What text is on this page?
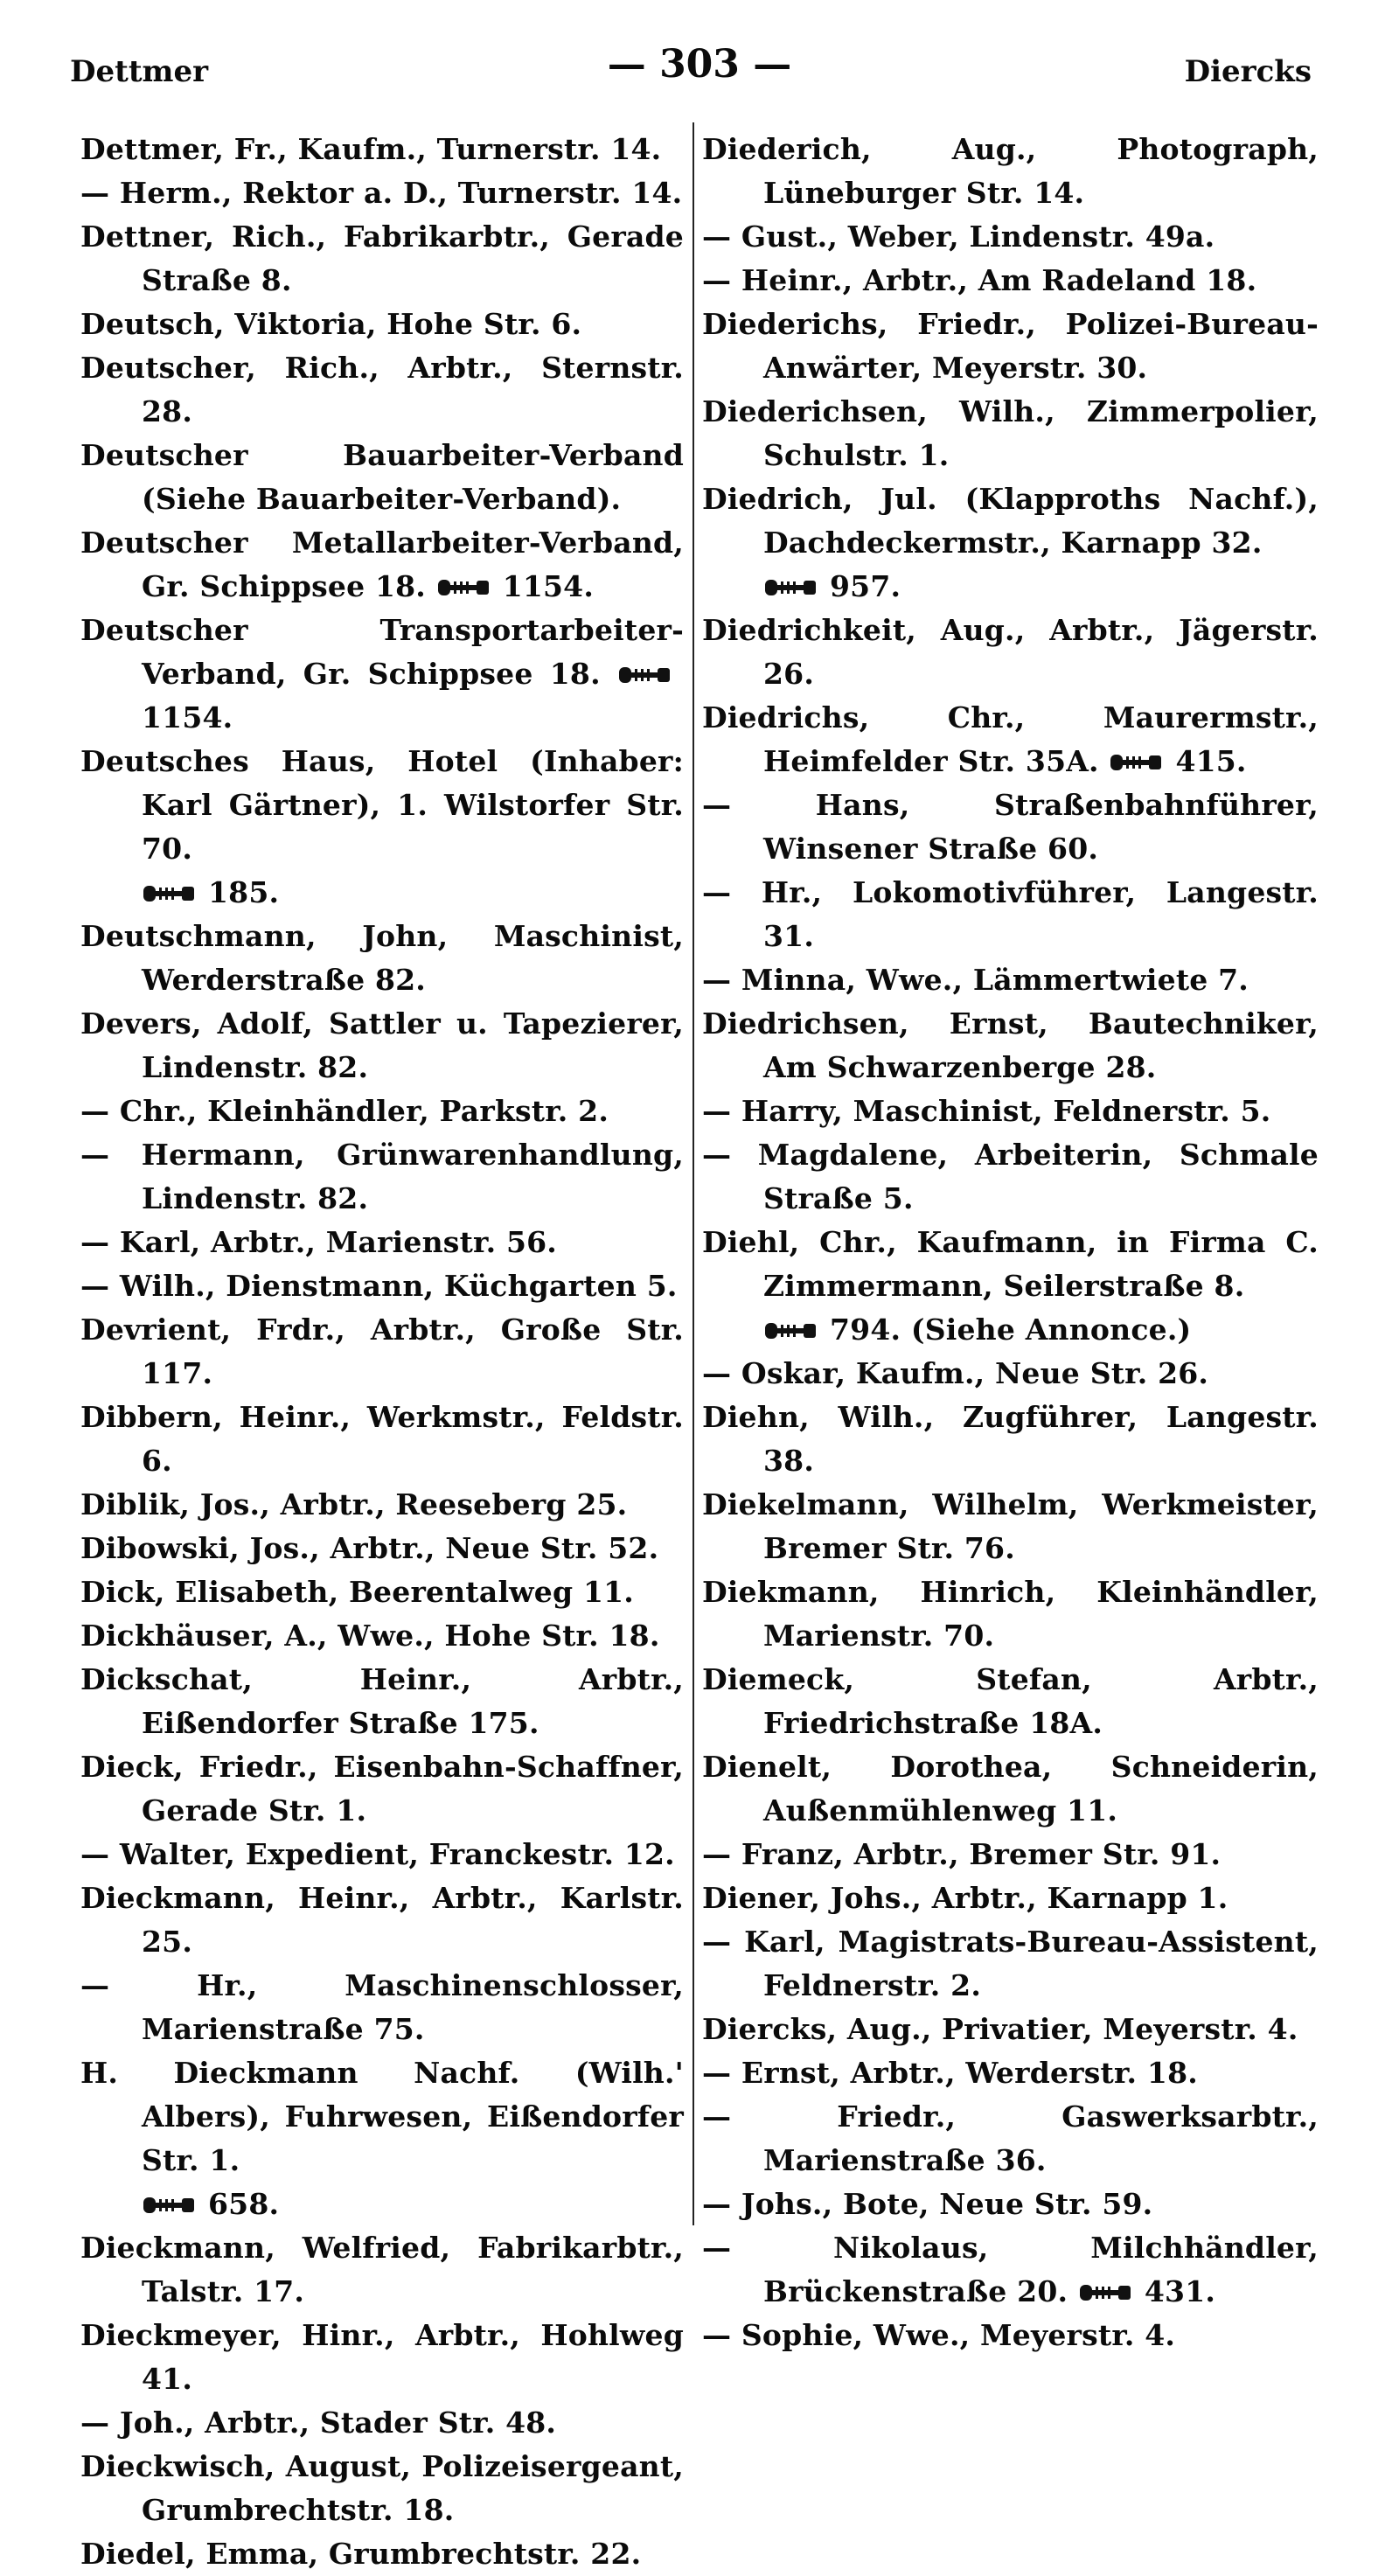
Dettmer	— 303 —	Diercks
Dettmer, Fr., Kaufm., Turnerstr. 14.
— Herm., Rektor a. D., Turnerstr. 14.
Dettner, Rich., Fabrikarbtr., Gerade Straße 8.
Deutsch, Viktoria, Hohe Str. 6.
Deutscher, Rich., Arbtr., Sternstr. 28.
Deutscher Bauarbeiter-Verband (Siehe Bauarbeiter-Verband).
Deutscher Metallarbeiter-Verband, Gr. Schippsee 18.	1154.
Deutscher Transportarbeiter-Verband, Gr. Schippsee 18. 1154.
Deutsches Haus, Hotel (Inhaber: Karl Gärtner), 1. Wilstorfer Str. 70.
185.
Deutschmann, John, Maschinist, Werderstraße 82.
Devers, Adolf, Sattler u. Tapezierer, Lindenstr. 82.
— Chr., Kleinhändler, Parkstr. 2.
— Hermann, Grünwarenhandlung, Lindenstr. 82.
— Karl, Arbtr., Marienstr. 56.
— Wilh., Dienstmann, Küchgarten 5.
Devrient, Frdr., Arbtr., Große Str. 117.
Dibbern, Heinr., Werkmstr., Feldstr. 6.
Diblik, Jos., Arbtr., Reeseberg 25.
Dibowski, Jos., Arbtr., Neue Str. 52.
Dick, Elisabeth, Beerentalweg 11.
Dickhäuser, A., Wwe., Hohe Str. 18.
Dickschat, Heinr., Arbtr., Eißendorfer Straße 175.
Dieck, Friedr., Eisenbahn-Schaffner, Gerade Str. 1.
— Walter, Expedient, Franckestr. 12.
Dieckmann, Heinr., Arbtr., Karlstr. 25.
— Hr., Maschinenschlosser, Marienstraße 75.
H. Dieckmann Nachf. (Wilh.' Albers), Fuhrwesen, Eißendorfer Str. 1.
658.
Dieckmann, Welfried, Fabrikarbtr., Talstr. 17.
Dieckmeyer, Hinr., Arbtr., Hohlweg 41.
— Joh., Arbtr., Stader Str. 48.
Dieckwisch, August, Polizeisergeant, Grumbrechtstr. 18.
Diedel, Emma, Grumbrechtstr. 22.
Diederich, Aug., Photograph, Lüneburger Str. 14.
— Gust., Weber, Lindenstr. 49a.
— Heinr., Arbtr., Am Radeland 18.
Diederichs, Friedr., Polizei-Bureau-Anwärter, Meyerstr. 30.
Diederichsen, Wilh., Zimmerpolier, Schulstr. 1.
Diedrich, Jul. (Klapproths Nachf.), Dachdeckermstr., Karnapp 32.
957.
Diedrichkeit, Aug., Arbtr., Jägerstr. 26.
Diedrichs, Chr., Maurermstr., Heimfelder Str. 35A.	415.
— Hans, Straßenbahnführer, Winsener Straße 60.
— Hr., Lokomotivführer, Langestr. 31.
— Minna, Wwe., Lämmertwiete 7.
Diedrichsen, Ernst, Bautechniker, Am Schwarzenberge 28.
— Harry, Maschinist, Feldnerstr. 5.
— Magdalene, Arbeiterin, Schmale Straße 5.
Diehl, Chr., Kaufmann, in Firma C. Zimmermann, Seilerstraße 8.
794. (Siehe Annonce.)
— Oskar, Kaufm., Neue Str. 26.
Diehn, Wilh., Zugführer, Langestr. 38.
Diekelmann, Wilhelm, Werkmeister, Bremer Str. 76.
Diekmann, Hinrich, Kleinhändler, Marienstr. 70.
Diemeck, Stefan, Arbtr., Friedrichstraße 18A.
Dienelt, Dorothea, Schneiderin, Außenmühlenweg 11.
— Franz, Arbtr., Bremer Str. 91.
Diener, Johs., Arbtr., Karnapp 1.
— Karl, Magistrats-Bureau-Assistent, Feldnerstr. 2.
Diercks, Aug., Privatier, Meyerstr. 4.
— Ernst, Arbtr., Werderstr. 18.
— Friedr., Gaswerksarbtr., Marienstraße 36.
— Johs., Bote, Neue Str. 59.
— Nikolaus, Milchhändler, Brückenstraße 20.	431.
— Sophie, Wwe., Meyerstr. 4.
